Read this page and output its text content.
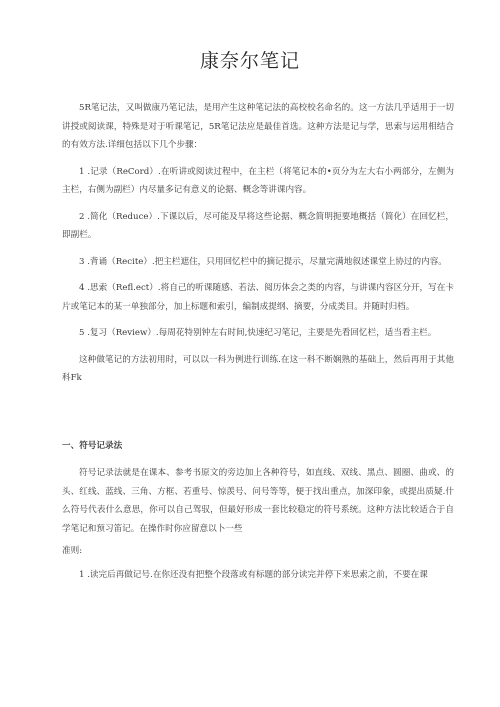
康奈尔笔记

5R笔记法，又叫做康乃笔记法，是用产生这种笔记法的高校校名命名的。这一方法几乎适用于一切讲授或阅读课，特殊是对于听课笔记，5R笔记法应是最佳首选。这种方法是记与学，思索与运用相结合的有效方法.详细包括以下几个步骤：

1 .记录（ReCord）.在听讲或阅读过程中，在主栏（将笔记本的•页分为左大右小两部分，左侧为主栏，右侧为副栏）内尽量多记有意义的论据、概念等讲课内容。

2 .简化（Reduce）.下课以后，尽可能及早将这些论据、概念简明扼要地概括（简化）在回忆栏，即副栏。

3 .背诵（Recite）.把主栏遮住，只用回忆栏中的摘记提示，尽量完满地叙述课堂上协过的内容。

4 .思索（Refl.ect）.将自己的听课随感、若法、阅历体会之类的内容，与讲课内容区分开，写在卡片或笔记本的某一单独部分，加上标题和索引，编制成提纲、摘要，分成类目。并随时归档。

5 .复习（Review）.每周花特别钟左右时间,快速纪习笔记，主要是先看回忆栏，适当看主栏。

这种做笔记的方法初用时，可以以一科为例进行训练.在这一科不断娴熟的基础上，然后再用于其他科Fk

一、符号记录法

符号记录法就是在课本、参考书原文的旁边加上各种符号，如直线、双线、黑点、圆圈、曲或、的头、红线、蓝线、三角、方框、若重号、惊羡号、问号等等，便于找出重点，加深印象，或提出质疑.什么符号代表什么意思，你可以自己驾驭，但最好形成一套比较稳定的符号系统。这种方法比较适合于自学笔记和预习笛记。在操作时你应留意以卜一些

准则:

1 .读完后再做记号.在你还没有把整个段落或有标题的部分读完并停下来思索之前，不要在课
